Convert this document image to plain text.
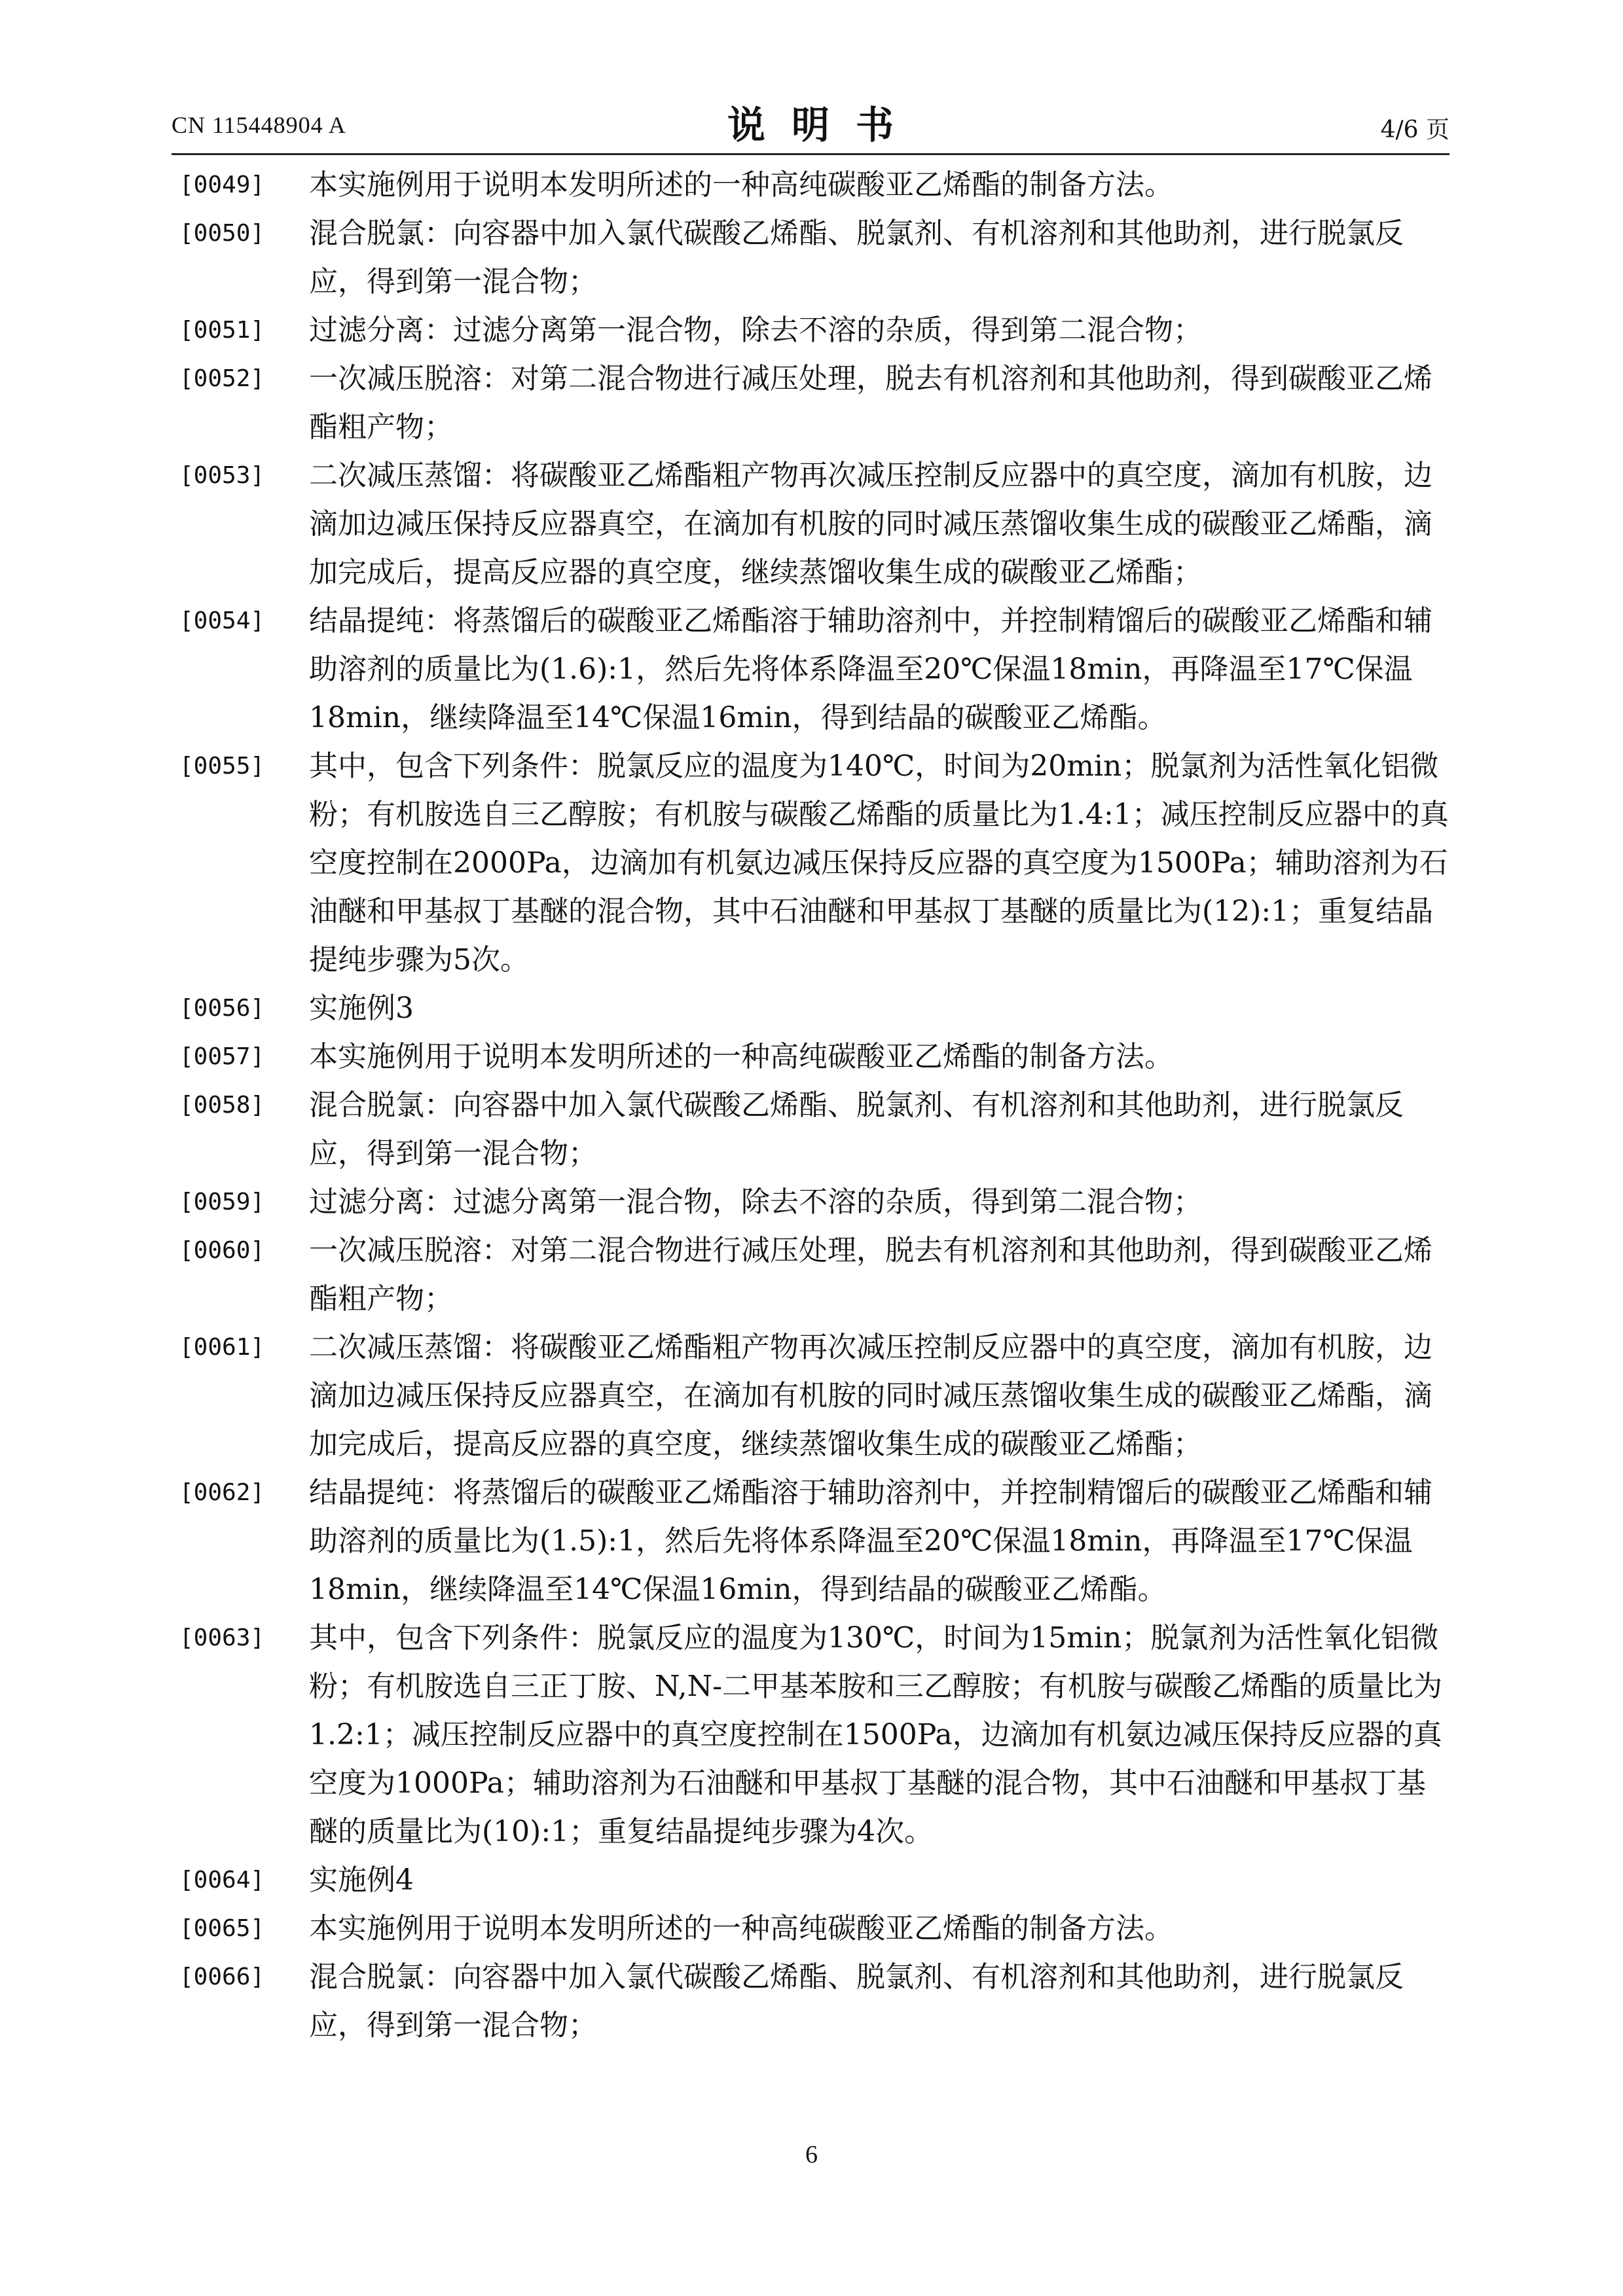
CN 115448904 A	说明书	4/6 页

[0049] 本实施例用于说明本发明所述的一种高纯碳酸亚乙烯酯的制备方法。

[0050] 混合脱氯：向容器中加入氯代碳酸乙烯酯、脱氯剂、有机溶剂和其他助剂，进行脱氯反应，得到第一混合物；

[0051] 过滤分离：过滤分离第一混合物，除去不溶的杂质，得到第二混合物；

[0052] 一次减压脱溶：对第二混合物进行减压处理，脱去有机溶剂和其他助剂，得到碳酸亚乙烯酯粗产物；

[0053] 二次减压蒸馏：将碳酸亚乙烯酯粗产物再次减压控制反应器中的真空度，滴加有机胺，边滴加边减压保持反应器真空，在滴加有机胺的同时减压蒸馏收集生成的碳酸亚乙烯酯，滴加完成后，提高反应器的真空度，继续蒸馏收集生成的碳酸亚乙烯酯；

[0054] 结晶提纯：将蒸馏后的碳酸亚乙烯酯溶于辅助溶剂中，并控制精馏后的碳酸亚乙烯酯和辅助溶剂的质量比为(1.6):1，然后先将体系降温至20℃保温18min，再降温至17℃保温18min，继续降温至14℃保温16min，得到结晶的碳酸亚乙烯酯。

[0055] 其中，包含下列条件：脱氯反应的温度为140℃，时间为20min；脱氯剂为活性氧化铝微粉；有机胺选自三乙醇胺；有机胺与碳酸乙烯酯的质量比为1.4:1；减压控制反应器中的真空度控制在2000Pa，边滴加有机氨边减压保持反应器的真空度为1500Pa；辅助溶剂为石油醚和甲基叔丁基醚的混合物，其中石油醚和甲基叔丁基醚的质量比为(12):1；重复结晶提纯步骤为5次。

[0056] 实施例3

[0057] 本实施例用于说明本发明所述的一种高纯碳酸亚乙烯酯的制备方法。

[0058] 混合脱氯：向容器中加入氯代碳酸乙烯酯、脱氯剂、有机溶剂和其他助剂，进行脱氯反应，得到第一混合物；

[0059] 过滤分离：过滤分离第一混合物，除去不溶的杂质，得到第二混合物；

[0060] 一次减压脱溶：对第二混合物进行减压处理，脱去有机溶剂和其他助剂，得到碳酸亚乙烯酯粗产物；

[0061] 二次减压蒸馏：将碳酸亚乙烯酯粗产物再次减压控制反应器中的真空度，滴加有机胺，边滴加边减压保持反应器真空，在滴加有机胺的同时减压蒸馏收集生成的碳酸亚乙烯酯，滴加完成后，提高反应器的真空度，继续蒸馏收集生成的碳酸亚乙烯酯；

[0062] 结晶提纯：将蒸馏后的碳酸亚乙烯酯溶于辅助溶剂中，并控制精馏后的碳酸亚乙烯酯和辅助溶剂的质量比为(1.5):1，然后先将体系降温至20℃保温18min，再降温至17℃保温18min，继续降温至14℃保温16min，得到结晶的碳酸亚乙烯酯。

[0063] 其中，包含下列条件：脱氯反应的温度为130℃，时间为15min；脱氯剂为活性氧化铝微粉；有机胺选自三正丁胺、N,N-二甲基苯胺和三乙醇胺；有机胺与碳酸乙烯酯的质量比为1.2:1；减压控制反应器中的真空度控制在1500Pa，边滴加有机氨边减压保持反应器的真空度为1000Pa；辅助溶剂为石油醚和甲基叔丁基醚的混合物，其中石油醚和甲基叔丁基醚的质量比为(10):1；重复结晶提纯步骤为4次。

[0064] 实施例4

[0065] 本实施例用于说明本发明所述的一种高纯碳酸亚乙烯酯的制备方法。

[0066] 混合脱氯：向容器中加入氯代碳酸乙烯酯、脱氯剂、有机溶剂和其他助剂，进行脱氯反应，得到第一混合物；

6
